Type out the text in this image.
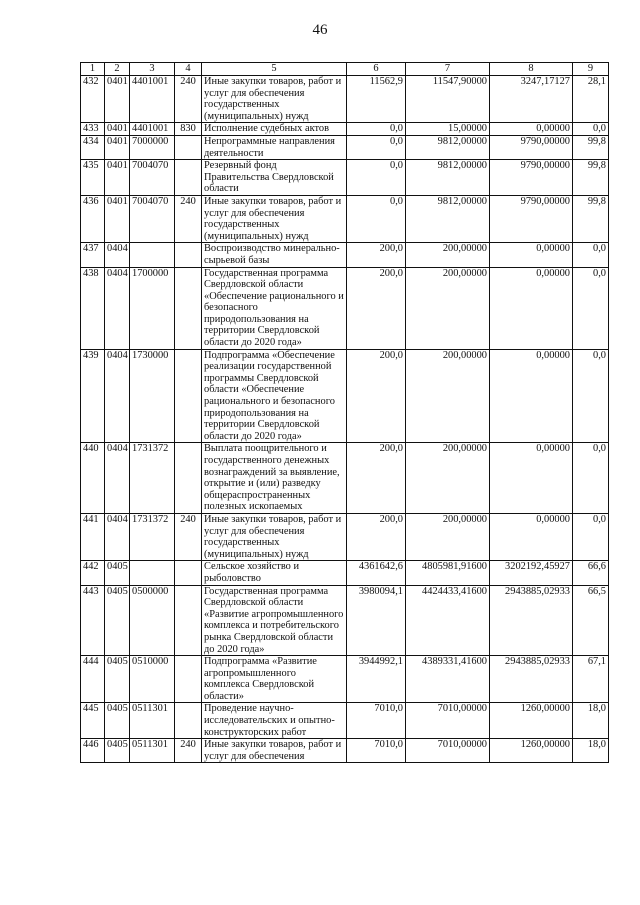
46
1	2	3	4	5	6	7	8	9
432	0401	4401001	240	Иные закупки товаров, работ и услуг для обеспечения государственных (муниципальных) нужд	11562,9	11547,90000	3247,17127	28,1
433	0401	4401001	830	Исполнение судебных актов	0,0	15,00000	0,00000	0,0
434	0401	7000000		Непрограммные направления деятельности	0,0	9812,00000	9790,00000	99,8
435	0401	7004070		Резервный фонд Правительства Свердловской области	0,0	9812,00000	9790,00000	99,8
436	0401	7004070	240	Иные закупки товаров, работ и услуг для обеспечения государственных (муниципальных) нужд	0,0	9812,00000	9790,00000	99,8
437	0404			Воспроизводство минерально-сырьевой базы	200,0	200,00000	0,00000	0,0
438	0404	1700000		Государственная программа Свердловской области «Обеспечение рационального и безопасного природопользования на территории Свердловской области до 2020 года»	200,0	200,00000	0,00000	0,0
439	0404	1730000		Подпрограмма «Обеспечение реализации государственной программы Свердловской области «Обеспечение рационального и безопасного природопользования на территории Свердловской области до 2020 года»	200,0	200,00000	0,00000	0,0
440	0404	1731372		Выплата поощрительного и государственного денежных вознаграждений за выявление, открытие и (или) разведку общераспространенных полезных ископаемых	200,0	200,00000	0,00000	0,0
441	0404	1731372	240	Иные закупки товаров, работ и услуг для обеспечения государственных (муниципальных) нужд	200,0	200,00000	0,00000	0,0
442	0405			Сельское хозяйство и рыболовство	4361642,6	4805981,91600	3202192,45927	66,6
443	0405	0500000		Государственная программа Свердловской области «Развитие агропромышленного комплекса и потребительского рынка Свердловской области до 2020 года»	3980094,1	4424433,41600	2943885,02933	66,5
444	0405	0510000		Подпрограмма «Развитие агропромышленного комплекса Свердловской области»	3944992,1	4389331,41600	2943885,02933	67,1
445	0405	0511301		Проведение научно-исследовательских и опытно-конструкторских работ	7010,0	7010,00000	1260,00000	18,0
446	0405	0511301	240	Иные закупки товаров, работ и услуг для обеспечения	7010,0	7010,00000	1260,00000	18,0
